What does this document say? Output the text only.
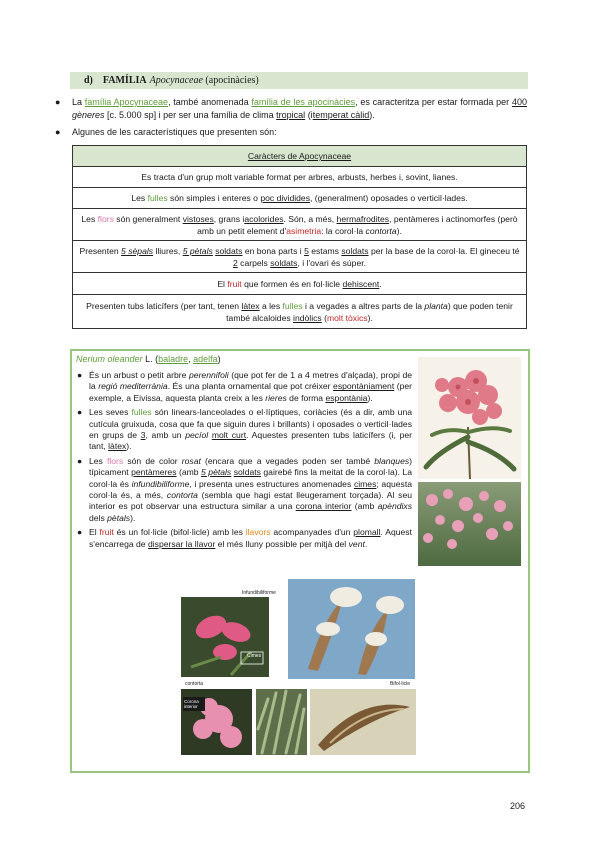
d) FAMÍLIA Apocynaceae
(apocinàcies)
● La família Apocynaceae, també anomenada família de les apocinàcies, es caracteritza per estar formada per 400 gèneres [c. 5.000 sp] i per ser una família de clima tropical (itemperat càlid).
● Algunes de les característiques que presenten són:
Caràcters de Apocynaceae
Es tracta d'un grup molt variable format per arbres, arbusts, herbes i, sovint, lianes.
Les fulles són simples i enteres o poc dividides, (generalment) oposades o verticil·lades.
Les flors són generalment vistoses, grans iacolorides. Són, a més, hermafrodites, pentàmeres i actinomorfes (però amb un petit element d'asimetria: la corol·la contorta).
Presenten 5 sèpals lliures, 5 pètals soldats en bona parts i 5 estams soldats per la base de la corol·la. El gineceu té 2 carpels soldats, i l'ovari és súper.
El fruit que formen és en fol·licle dehiscent.
Presenten tubs laticífers (per tant, tenen làtex a les fulles i a vegades a altres parts de la planta) que poden tenir també alcaloides indòlics (molt tòxics).
Nerium oleander L. (baladre, adelfa)
● És un arbust o petit arbre perennifoli (que pot fer de 1 a 4 metres d'alçada), propi de la regió mediterrània. És una planta ornamental que pot créixer espontàniament (per exemple, a Eivissa, aquesta planta creix a les rieres de forma espontània).
● Les seves fulles són linears-lanceolades o el·líptiques, coriàcies (és a dir, amb una cutícula gruixuda, cosa que fa que siguin dures i brillants) i oposades o verticil·lades en grups de 3, amb un pecíol molt curt. Aquestes presenten tubs laticífers (i, per tant, làtex).
● Les flors són de color rosat (encara que a vegades poden ser també blanques) típicament pentàmeres (amb 5 pètals soldats gairebé fins la meitat de la corol·la). La corol·la és infundibiliforme, i presenta unes estructures anomenades cimes; aquesta corol·la és, a més, contorta (sembla que hagi estat lleugerament torçada). Al seu interior es pot observar una estructura similar a una corona interior (amb apèndixs dels pètals).
● El fruit és un fol·licle (bifol·licle) amb les llavors acompanyades d'un plomall. Aquest s'encarrega de dispersar la llavor el més lluny possible per mitjà del vent.
Cimes
Infundibiliforme
contorta	Bifol·licle
Corona interior
206
